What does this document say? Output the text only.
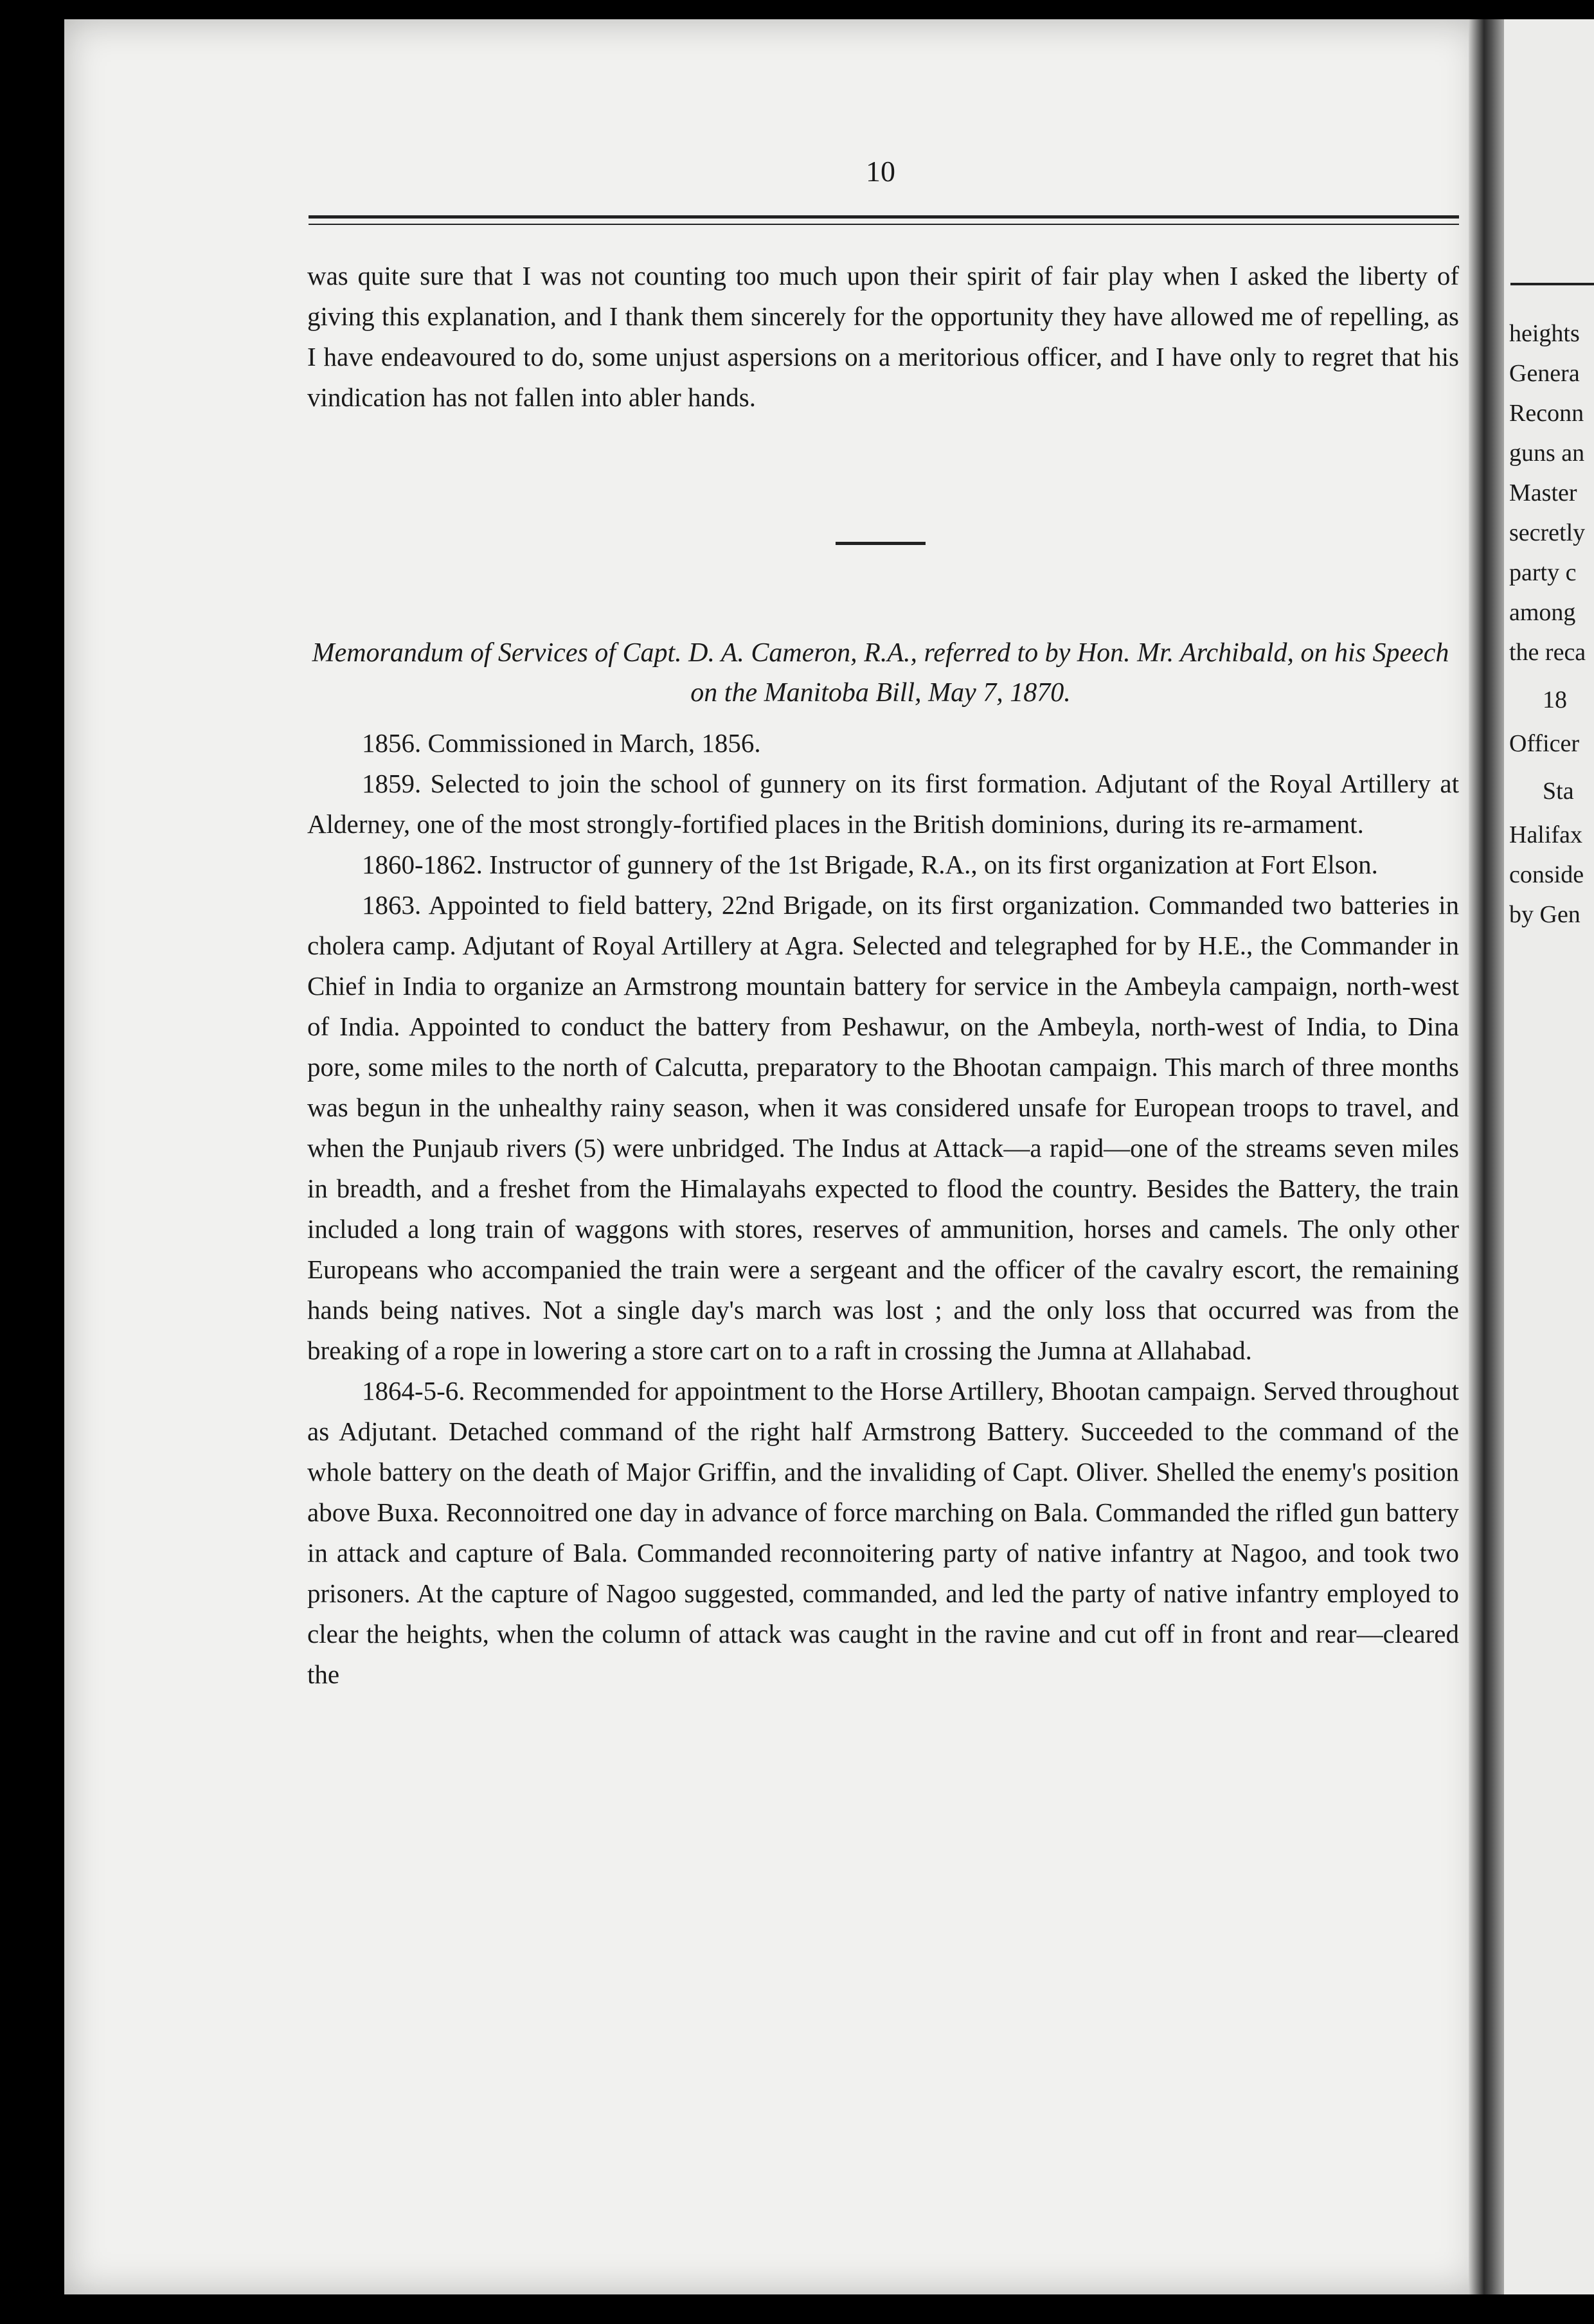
heights
Genera
Reconn
guns an
Master
secretly
party c
among
the reca
18
Officer
Sta
Halifax
conside
by Gen
10

was quite sure that I was not counting too much upon their spirit of fair play when I asked the liberty of giving this explanation, and I thank them sincerely for the opportunity they have allowed me of repelling, as I have endeavoured to do, some unjust aspersions on a meritorious officer, and I have only to regret that his vindication has not fallen into abler hands.

Memorandum of Services of Capt. D. A. Cameron, R.A., referred to by Hon. Mr. Archibald, on his Speech on the Manitoba Bill, May 7, 1870.

1856. Commissioned in March, 1856.

1859. Selected to join the school of gunnery on its first formation. Adjutant of the Royal Artillery at Alderney, one of the most strongly-fortified places in the British dominions, during its re-armament.

1860-1862. Instructor of gunnery of the 1st Brigade, R.A., on its first organization at Fort Elson.

1863. Appointed to field battery, 22nd Brigade, on its first organization. Commanded two batteries in cholera camp. Adjutant of Royal Artillery at Agra. Selected and telegraphed for by H.E., the Commander in Chief in India to organize an Armstrong mountain battery for service in the Ambeyla campaign, north-west of India. Appointed to conduct the battery from Peshawur, on the Ambeyla, north-west of India, to Dina pore, some miles to the north of Calcutta, preparatory to the Bhootan campaign. This march of three months was begun in the unhealthy rainy season, when it was considered unsafe for European troops to travel, and when the Punjaub rivers (5) were unbridged. The Indus at Attack—a rapid—one of the streams seven miles in breadth, and a freshet from the Himalayahs expected to flood the country. Besides the Battery, the train included a long train of waggons with stores, reserves of ammunition, horses and camels. The only other Europeans who accompanied the train were a sergeant and the officer of the cavalry escort, the remaining hands being natives. Not a single day's march was lost ; and the only loss that occurred was from the breaking of a rope in lowering a store cart on to a raft in crossing the Jumna at Allahabad.

1864-5-6. Recommended for appointment to the Horse Artillery, Bhootan campaign. Served throughout as Adjutant. Detached command of the right half Armstrong Battery. Succeeded to the command of the whole battery on the death of Major Griffin, and the invaliding of Capt. Oliver. Shelled the enemy's position above Buxa. Reconnoitred one day in advance of force marching on Bala. Commanded the rifled gun battery in attack and capture of Bala. Commanded reconnoitering party of native infantry at Nagoo, and took two prisoners. At the capture of Nagoo suggested, commanded, and led the party of native infantry employed to clear the heights, when the column of attack was caught in the ravine and cut off in front and rear—cleared the
